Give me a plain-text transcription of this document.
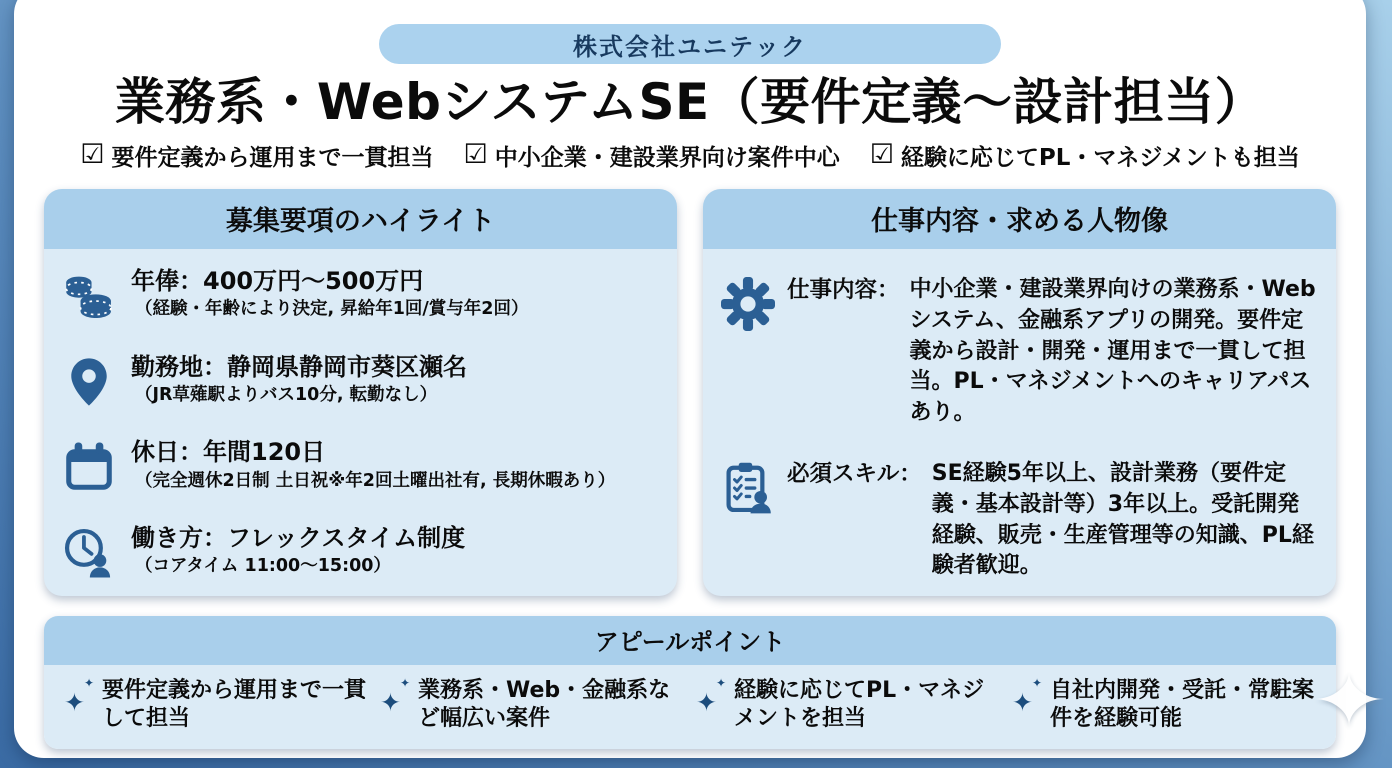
株式会社ユニテック
業務系・WebシステムSE（要件定義～設計担当）
☑ 要件定義から運用まで一貫担当 ☑ 中小企業・建設業界向け案件中心 ☑ 経験に応じてPL・マネジメントも担当
募集要項のハイライト
年俸：400万円～500万円
（経験・年齢により決定, 昇給年1回/賞与年2回）
勤務地：静岡県静岡市葵区瀬名
（JR草薙駅よりバス10分, 転勤なし）
休日：年間120日
（完全週休2日制 土日祝※年2回土曜出社有, 長期休暇あり）
働き方：フレックスタイム制度
（コアタイム 11:00～15:00）
仕事内容・求める人物像
仕事内容： 中小企業・建設業界向けの業務系・Webシステム、金融系アプリの開発。要件定義から設計・開発・運用まで一貫して担当。PL・マネジメントへのキャリアパスあり。
必須スキル： SE経験5年以上、設計業務（要件定義・基本設計等）3年以上。受託開発経験、販売・生産管理等の知識、PL経験者歓迎。
アピールポイント
✦
✦ 要件定義から運用まで一貫して担当
✦
✦ 業務系・Web・金融系など幅広い案件
✦
✦ 経験に応じてPL・マネジメントを担当
✦
✦ 自社内開発・受託・常駐案件を経験可能	✦
